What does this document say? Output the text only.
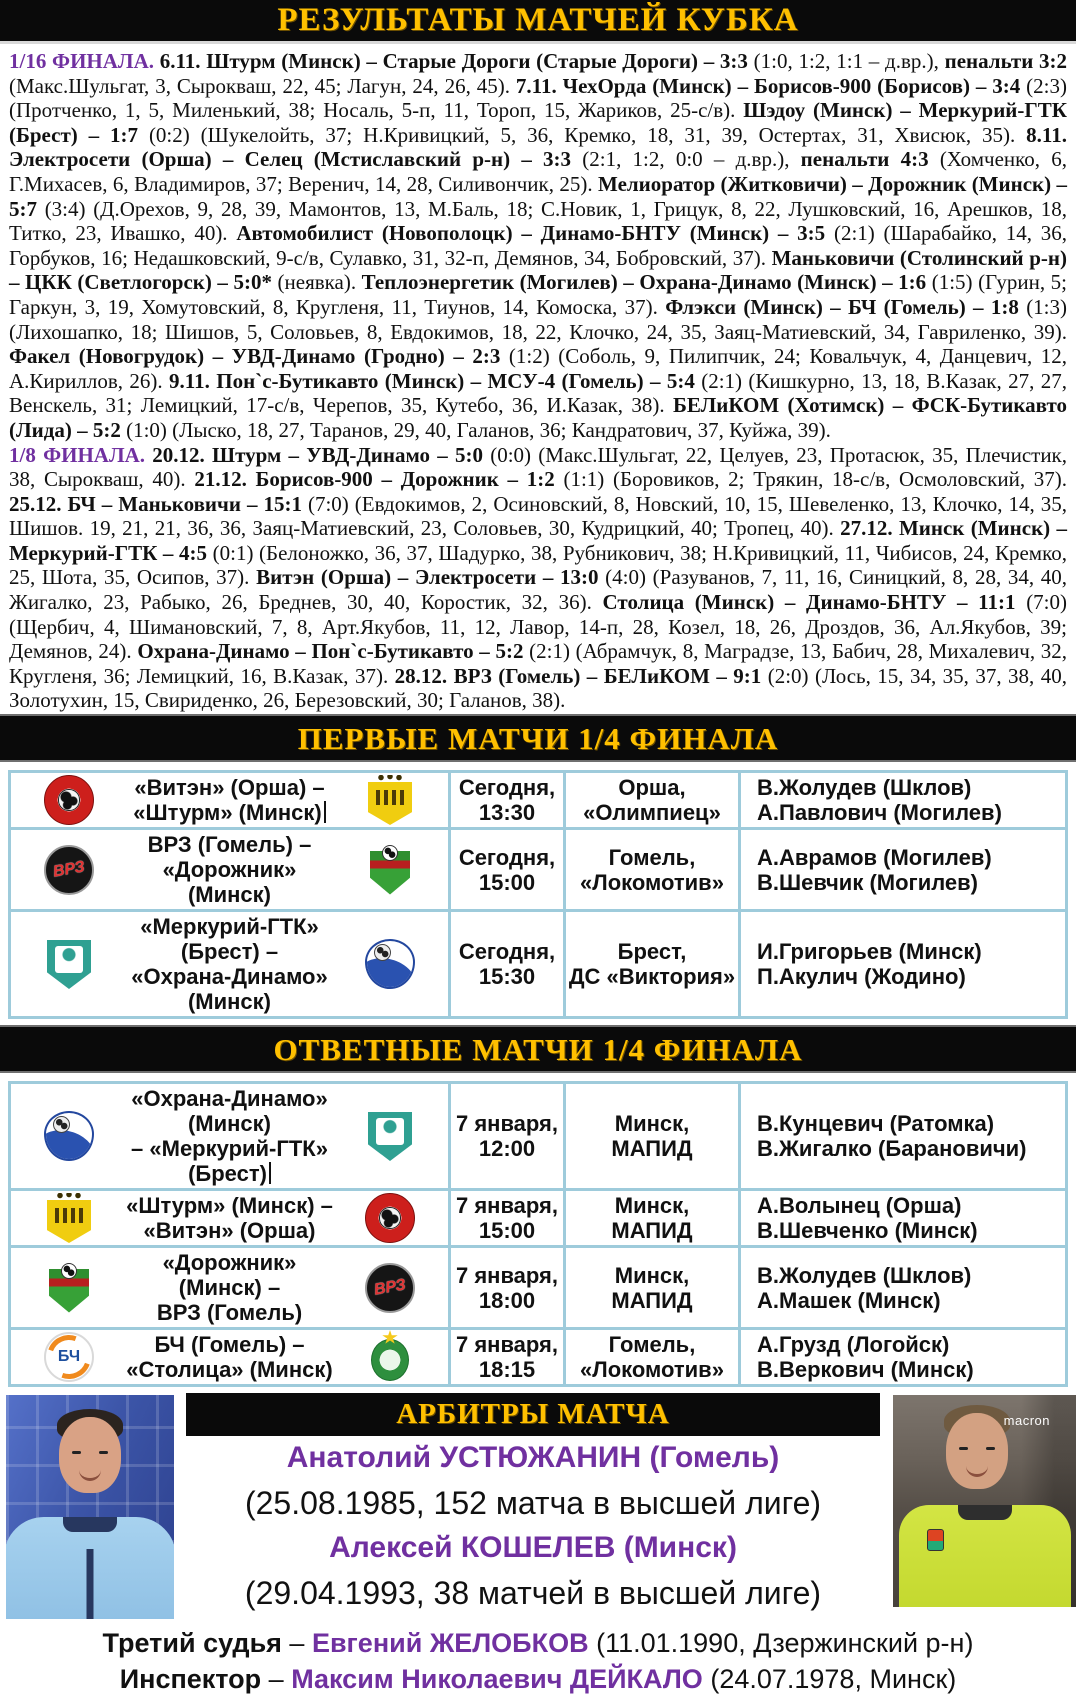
РЕЗУЛЬТАТЫ МАТЧЕЙ КУБКА

1/16 ФИНАЛА. 6.11. Штурм (Минск) – Старые Дороги (Старые Дороги) – 3:3 (1:0, 1:2, 1:1 – д.вр.), пенальти 3:2 (Макс.Шульгат, 3, Сырокваш, 22, 45; Лагун, 24, 26, 45). 7.11. ЧехОрда (Минск) – Борисов-900 (Борисов) – 3:4 (2:3) (Протченко, 1, 5, Миленький, 38; Носаль, 5-п, 11, Тороп, 15, Жариков, 25-с/в). Шэдоу (Минск) – Меркурий-ГТК (Брест) – 1:7 (0:2) (Шукелойть, 37; Н.Кривицкий, 5, 36, Кремко, 18, 31, 39, Остертах, 31, Хвисюк, 35). 8.11. Электросети (Орша) – Селец (Мстиславский р-н) – 3:3 (2:1, 1:2, 0:0 – д.вр.), пенальти 4:3 (Хомченко, 6, Г.Михасев, 6, Владимиров, 37; Веренич, 14, 28, Силивончик, 25). Мелиоратор (Житковичи) – Дорожник (Минск) – 5:7 (3:4) (Д.Орехов, 9, 28, 39, Мамонтов, 13, М.Баль, 18; С.Новик, 1, Грицук, 8, 22, Лушковский, 16, Арешков, 18, Титко, 23, Ивашко, 40). Автомобилист (Новополоцк) – Динамо-БНТУ (Минск) – 3:5 (2:1) (Шарабайко, 14, 36, Горбуков, 16; Недашковский, 9-с/в, Сулавко, 31, 32-п, Демянов, 34, Бобровский, 37). Маньковичи (Столинский р-н) – ЦКК (Светлогорск) – 5:0* (неявка). Теплоэнергетик (Могилев) – Охрана-Динамо (Минск) – 1:6 (1:5) (Гурин, 5; Гаркун, 3, 19, Хомутовский, 8, Кругленя, 11, Тиунов, 14, Комоска, 37). Флэкси (Минск) – БЧ (Гомель) – 1:8 (1:3) (Лихошапко, 18; Шишов, 5, Соловьев, 8, Евдокимов, 18, 22, Клочко, 24, 35, Заяц-Матиевский, 34, Гавриленко, 39). Факел (Новогрудок) – УВД-Динамо (Гродно) – 2:3 (1:2) (Соболь, 9, Пилипчик, 24; Ковальчук, 4, Данцевич, 12, А.Кириллов, 26). 9.11. Пон`с-Бутикавто (Минск) – МСУ-4 (Гомель) – 5:4 (2:1) (Кишкурно, 13, 18, В.Казак, 27, 27, Венскель, 31; Лемицкий, 17-с/в, Черепов, 35, Кутебо, 36, И.Казак, 38). БЕЛиКОМ (Хотимск) – ФСК-Бутикавто (Лида) – 5:2 (1:0) (Лыско, 18, 27, Таранов, 29, 40, Галанов, 36; Кандратович, 37, Куйжа, 39).

1/8 ФИНАЛА. 20.12. Штурм – УВД-Динамо – 5:0 (0:0) (Макс.Шульгат, 22, Целуев, 23, Протасюк, 35, Плечистик, 38, Сырокваш, 40). 21.12. Борисов-900 – Дорожник – 1:2 (1:1) (Боровиков, 2; Трякин, 18-с/в, Осмоловский, 37). 25.12. БЧ – Маньковичи – 15:1 (7:0) (Евдокимов, 2, Осиновский, 8, Новский, 10, 15, Шевеленко, 13, Клочко, 14, 35, Шишов. 19, 21, 21, 36, 36, Заяц-Матиевский, 23, Соловьев, 30, Кудрицкий, 40; Тропец, 40). 27.12. Минск (Минск) – Меркурий-ГТК – 4:5 (0:1) (Белоножко, 36, 37, Шадурко, 38, Рубникович, 38; Н.Кривицкий, 11, Чибисов, 24, Кремко, 25, Шота, 35, Осипов, 37). Витэн (Орша) – Электросети – 13:0 (4:0) (Разуванов, 7, 11, 16, Синицкий, 8, 28, 34, 40, Жигалко, 23, Рабыко, 26, Бреднев, 30, 40, Коростик, 32, 36). Столица (Минск) – Динамо-БНТУ – 11:1 (7:0) (Щербич, 4, Шимановский, 7, 8, Арт.Якубов, 11, 12, Лавор, 14-п, 28, Козел, 18, 26, Дроздов, 36, Ал.Якубов, 39; Демянов, 24). Охрана-Динамо – Пон`с-Бутикавто – 5:2 (2:1) (Абрамчук, 8, Маградзе, 13, Бабич, 28, Михалевич, 32, Кругленя, 36; Лемицкий, 16, В.Казак, 37). 28.12. ВРЗ (Гомель) – БЕЛиКОМ – 9:1 (2:0) (Лось, 15, 34, 35, 37, 38, 40, Золотухин, 15, Свириденко, 26, Березовский, 30; Галанов, 38).

ПЕРВЫЕ МАТЧИ 1/4 ФИНАЛА
«Витэн» (Орша) –
«Штурм» (Минск)
Сегодня,
13:30
Орша,
«Олимпиец»
В.Жолудев (Шклов)
А.Павлович (Могилев)
ВРЗ
ВРЗ (Гомель) –
«Дорожник» (Минск)
Сегодня,
15:00
Гомель,
«Локомотив»
А.Аврамов (Могилев)
В.Шевчик (Могилев)
«Меркурий-ГТК» (Брест) –
«Охрана-Динамо» (Минск)
Сегодня,
15:30
Брест,
ДС «Виктория»
И.Григорьев (Минск)
П.Акулич (Жодино)
ОТВЕТНЫЕ МАТЧИ 1/4 ФИНАЛА
«Охрана-Динамо» (Минск)
– «Меркурий-ГТК» (Брест)
7 января,
12:00
Минск,
МАПИД
В.Кунцевич (Ратомка)
В.Жигалко (Барановичи)
«Штурм» (Минск) –
«Витэн» (Орша)
7 января,
15:00
Минск,
МАПИД
А.Волынец (Орша)
В.Шевченко (Минск)
«Дорожник» (Минск) –
ВРЗ (Гомель)
ВРЗ
7 января,
18:00
Минск,
МАПИД
В.Жолудев (Шклов)
А.Машек (Минск)
БЧ
БЧ (Гомель) –
«Столица» (Минск)
7 января,
18:15
Гомель,
«Локомотив»
А.Грузд (Логойск)
В.Веркович (Минск)
macron
АРБИТРЫ МАТЧА
Анатолий УСТЮЖАНИН (Гомель)
(25.08.1985, 152 матча в высшей лиге)
Алексей КОШЕЛЕВ (Минск)
(29.04.1993, 38 матчей в высшей лиге)
Третий судья – Евгений ЖЕЛОБКОВ (11.01.1990, Дзержинский р-н)
Инспектор – Максим Николаевич ДЕЙКАЛО (24.07.1978, Минск)
